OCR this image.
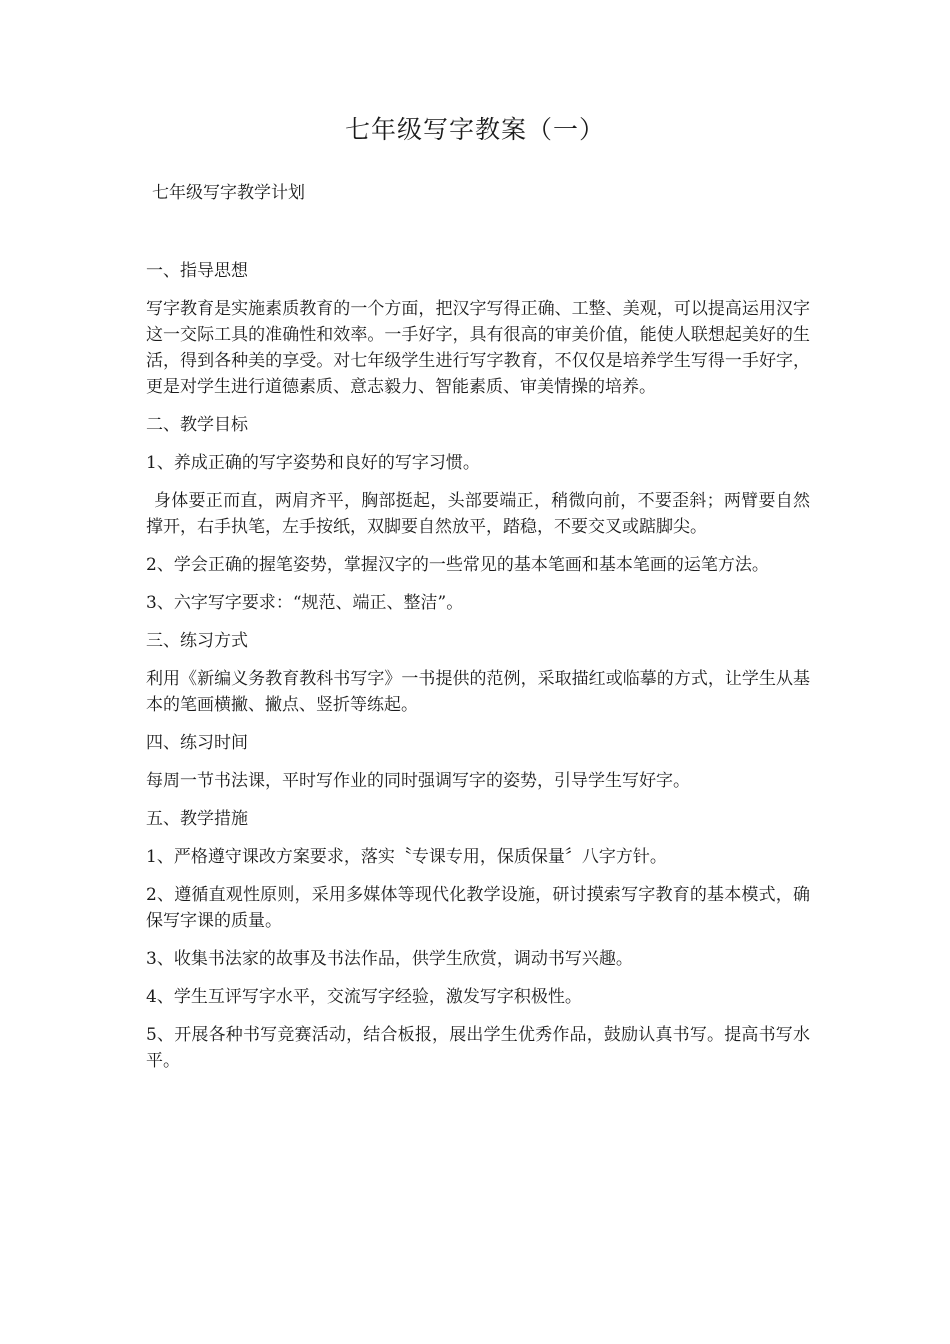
七年级写字教案（一）
七年级写字教学计划

一、指导思想

写字教育是实施素质教育的一个方面，把汉字写得正确、工整、美观，可以提高运用汉字这一交际工具的准确性和效率。一手好字，具有很高的审美价值，能使人联想起美好的生活，得到各种美的享受。对七年级学生进行写字教育，不仅仅是培养学生写得一手好字，更是对学生进行道德素质、意志毅力、智能素质、审美情操的培养。

二、教学目标

1、养成正确的写字姿势和良好的写字习惯。

身体要正而直，两肩齐平，胸部挺起，头部要端正，稍微向前，不要歪斜；两臂要自然撑开，右手执笔，左手按纸，双脚要自然放平，踏稳，不要交叉或踮脚尖。

2、学会正确的握笔姿势，掌握汉字的一些常见的基本笔画和基本笔画的运笔方法。

3、六字写字要求：“规范、端正、整洁”。

三、练习方式

利用《新编义务教育教科书写字》一书提供的范例，采取描红或临摹的方式，让学生从基本的笔画横撇、撇点、竖折等练起。

四、练习时间

每周一节书法课，平时写作业的同时强调写字的姿势，引导学生写好字。

五、教学措施

1、严格遵守课改方案要求，落实〝专课专用，保质保量〞八字方针。

2、遵循直观性原则，采用多媒体等现代化教学设施，研讨摸索写字教育的基本模式，确保写字课的质量。

3、收集书法家的故事及书法作品，供学生欣赏，调动书写兴趣。

4、学生互评写字水平，交流写字经验，激发写字积极性。

5、开展各种书写竞赛活动，结合板报，展出学生优秀作品，鼓励认真书写。提高书写水平。
